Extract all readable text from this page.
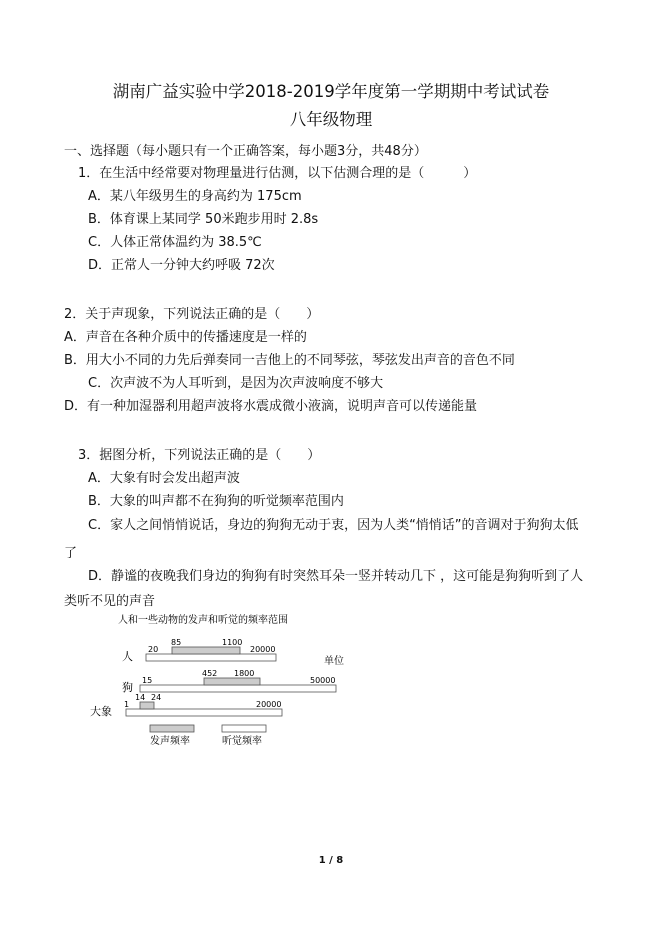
湖南广益实验中学2018-2019学年度第一学期期中考试试卷
八年级物理
一、选择题（每小题只有一个正确答案，每小题3分，共48分）
1．在生活中经常要对物理量进行估测，以下估测合理的是（　　　）
A．某八年级男生的身高约为 175cm
B．体育课上某同学 50米跑步用时 2.8s
C．人体正常体温约为 38.5℃
D．正常人一分钟大约呼吸 72次
2．关于声现象，下列说法正确的是（　　）
A．声音在各种介质中的传播速度是一样的
B．用大小不同的力先后弹奏同一吉他上的不同琴弦，琴弦发出声音的音色不同
C．次声波不为人耳听到，是因为次声波响度不够大
D．有一种加湿器利用超声波将水震成微小液滴，说明声音可以传递能量
3．据图分析，下列说法正确的是（　　）
A．大象有时会发出超声波
B．大象的叫声都不在狗狗的听觉频率范围内
C．家人之间悄悄说话，身边的狗狗无动于衷，因为人类“悄悄话”的音调对于狗狗太低
了
D．静谧的夜晚我们身边的狗狗有时突然耳朵一竖并转动几下 ，这可能是狗狗听到了人
类听不见的声音
人和一些动物的发声和听觉的频率范围
人
20	20000
85	1100
单位
狗
15	50000
452 1800
大象
1	20000
14 24
发声频率	听觉频率
1 / 8
